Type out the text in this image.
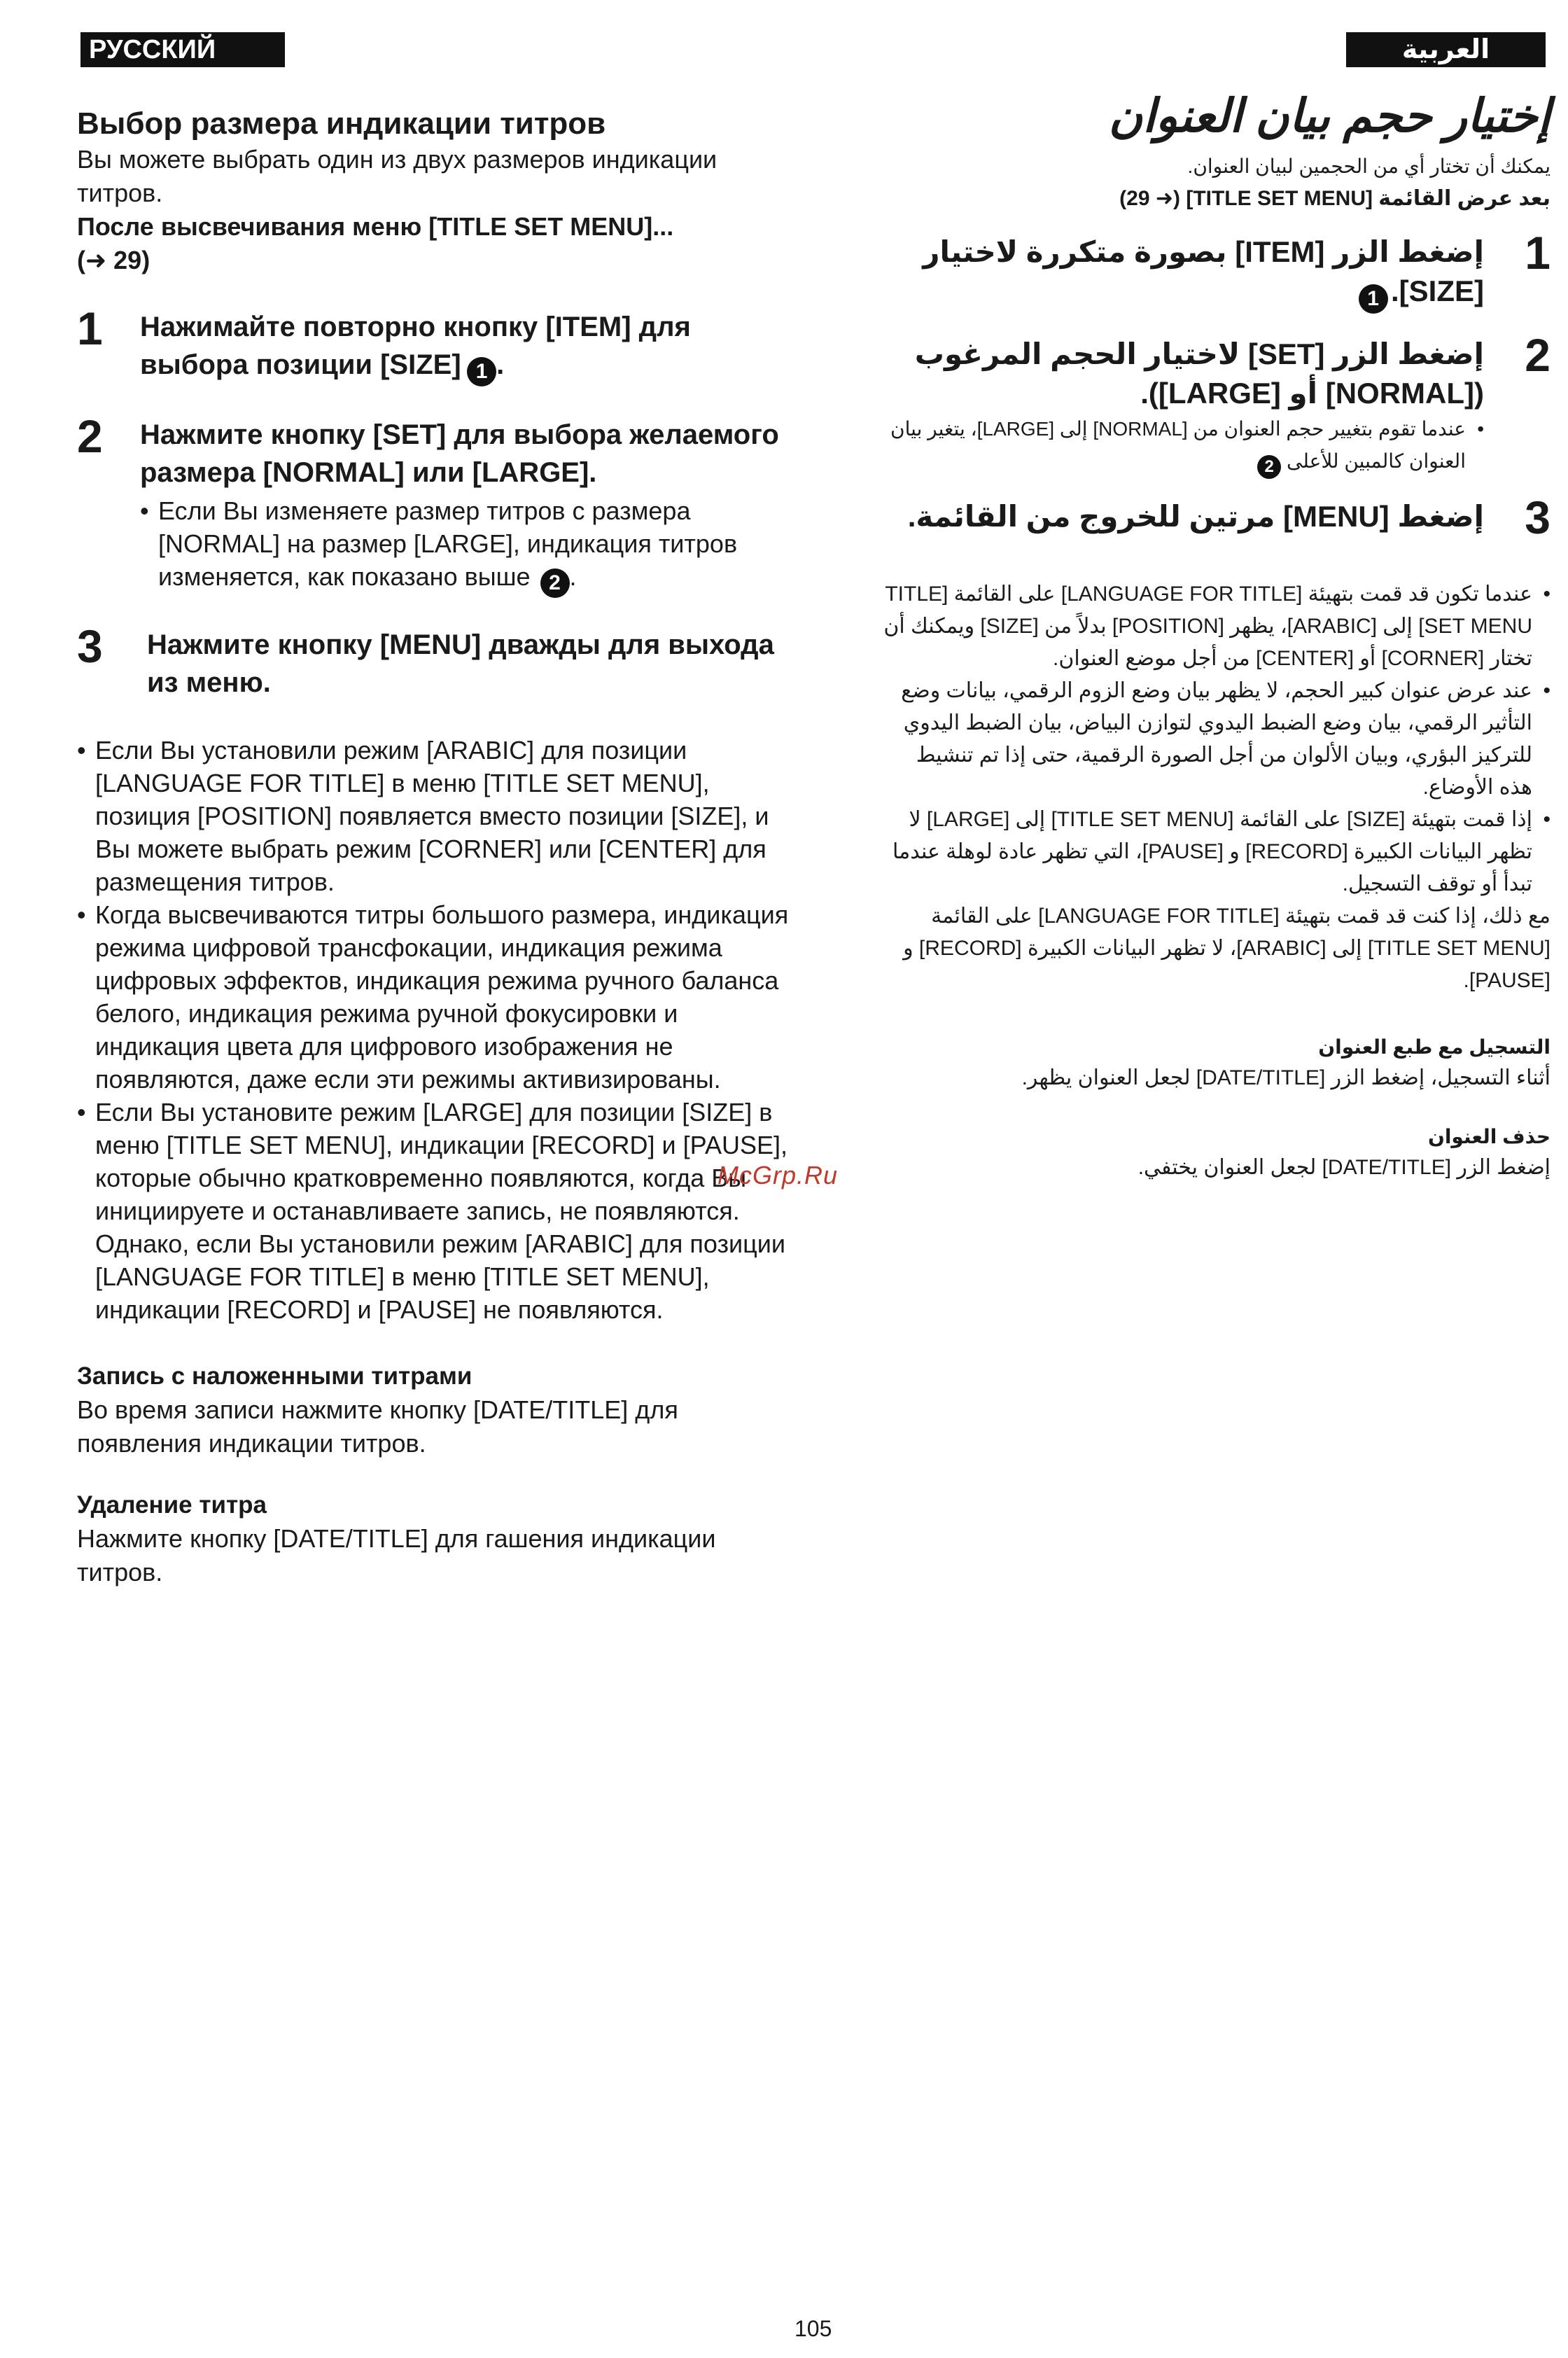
РУССКИЙ ЯЗЫК
العربية
Выбор размера индикации титров

Вы можете выбрать один из двух размеров индикации титров.

После высвечивания меню [TITLE SET MENU]...

(➜ 29)

1 Нажимайте повторно кнопку [ITEM] для выбора позиции [SIZE] 1 .
2 Нажмите кнопку [SET] для выбора желаемого размера [NORMAL] или [LARGE].
• Если Вы изменяете размер титров с размера [NORMAL] на размер [LARGE], индикация титров изменяется, как показано выше 2 .
3 Нажмите кнопку [MENU] дважды для выхода из меню.

• Если Вы установили режим [ARABIC] для позиции [LANGUAGE FOR TITLE] в меню [TITLE SET MENU], позиция [POSITION] появляется вместо позиции [SIZE], и Вы можете выбрать режим [CORNER] или [CENTER] для размещения титров.

• Когда высвечиваются титры большого размера, индикация режима цифровой трансфокации, индикация режима цифровых эффектов, индикация режима ручного баланса белого, индикация режима ручной фокусировки и индикация цвета для цифрового изображения не появляются, даже если эти режимы активизированы.

• Если Вы установите режим [LARGE] для позиции [SIZE] в меню [TITLE SET MENU], индикации [RECORD] и [PAUSE], которые обычно кратковременно появляются, когда Вы инициируете и останавливаете запись, не появляются.

Однако, если Вы установили режим [ARABIC] для позиции [LANGUAGE FOR TITLE] в меню [TITLE SET MENU], индикации [RECORD] и [PAUSE] не появляются.

Запись с наложенными титрами

Во время записи нажмите кнопку [DATE/TITLE] для появления индикации титров.

Удаление титра

Нажмите кнопку [DATE/TITLE] для гашения индикации титров.

إختيار حجم بيان العنوان

يمكنك أن تختار أي من الحجمين لبيان العنوان.

بعد عرض القائمة [TITLE SET MENU] (➜ 29)

1
إضغط الزر [ITEM] بصورة متكررة لاختيار [SIZE]. 1
2
إضغط الزر [SET] لاختيار الحجم المرغوب ([NORMAL] أو [LARGE]).

•
عندما تقوم بتغيير حجم العنوان من [NORMAL] إلى [LARGE]، يتغير بيان العنوان كالمبين للأعلى 2

3
إضغط [MENU] مرتين للخروج من القائمة.

•
عندما تكون قد قمت بتهيئة [LANGUAGE FOR TITLE] على القائمة [TITLE SET MENU] إلى [ARABIC]، يظهر [POSITION] بدلاً من [SIZE] ويمكنك أن تختار [CORNER] أو [CENTER] من أجل موضع العنوان.

•
عند عرض عنوان كبير الحجم، لا يظهر بيان وضع الزوم الرقمي، بيانات وضع التأثير الرقمي، بيان وضع الضبط اليدوي لتوازن البياض، بيان الضبط اليدوي للتركيز البؤري، وبيان الألوان من أجل الصورة الرقمية، حتى إذا تم تنشيط هذه الأوضاع.

•
إذا قمت بتهيئة [SIZE] على القائمة [TITLE SET MENU] إلى [LARGE] لا تظهر البيانات الكبيرة [RECORD] و [PAUSE]، التي تظهر عادة لوهلة عندما تبدأ أو توقف التسجيل.

مع ذلك، إذا كنت قد قمت بتهيئة [LANGUAGE FOR TITLE] على القائمة [TITLE SET MENU] إلى [ARABIC]، لا تظهر البيانات الكبيرة [RECORD] و [PAUSE].

التسجيل مع طبع العنوان

أثناء التسجيل، إضغط الزر [DATE/TITLE] لجعل العنوان يظهر.

حذف العنوان

إضغط الزر [DATE/TITLE] لجعل العنوان يختفي.

McGrp.Ru
105
